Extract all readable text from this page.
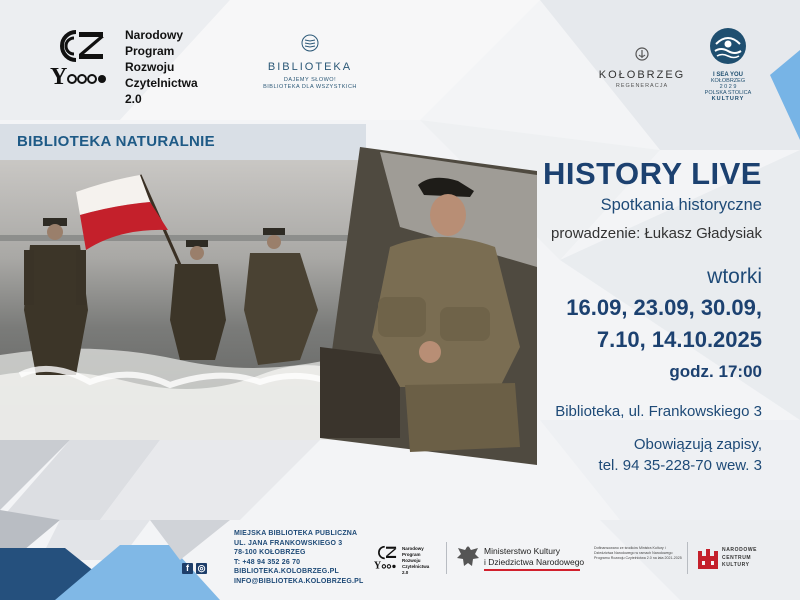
Y
Narodowy
Program
Rozwoju
Czytelnictwa
2.0
BIBLIOTEKA
DAJEMY SŁOWO!
BIBLIOTEKA DLA WSZYSTKICH
KOŁOBRZEG
REGENERACJA
I SEA YOU
KOŁOBRZEG
2 0 2 9
POLSKA STOLICA
KULTURY
BIBLIOTEKA NATURALNIE
HISTORY LIVE
Spotkania historyczne
prowadzenie: Łukasz Gładysiak
wtorki
16.09, 23.09, 30.09,
7.10, 14.10.2025
godz. 17:00
Biblioteka, ul. Frankowskiego 3
Obowiązują zapisy,
tel. 94 35-228-70 wew. 3
MIEJSKA BIBLIOTEKA PUBLICZNA
UL. JANA FRANKOWSKIEGO 3
78-100 KOŁOBRZEG
T: +48 94 352 26 70
BIBLIOTEKA.KOLOBRZEG.PL
INFO@BIBLIOTEKA.KOLOBRZEG.PL
f ◎	Y
Narodowy
Program
Rozwoju
Czytelnictwa
2.0
Ministerstwo Kultury
i Dziedzictwa Narodowego
Dofinansowano ze środków Ministra Kultury i Dziedzictwa Narodowego w ramach Narodowego Programu Rozwoju Czytelnictwa 2.0 na lata 2021-2025
NARODOWE
CENTRUM
KULTURY
